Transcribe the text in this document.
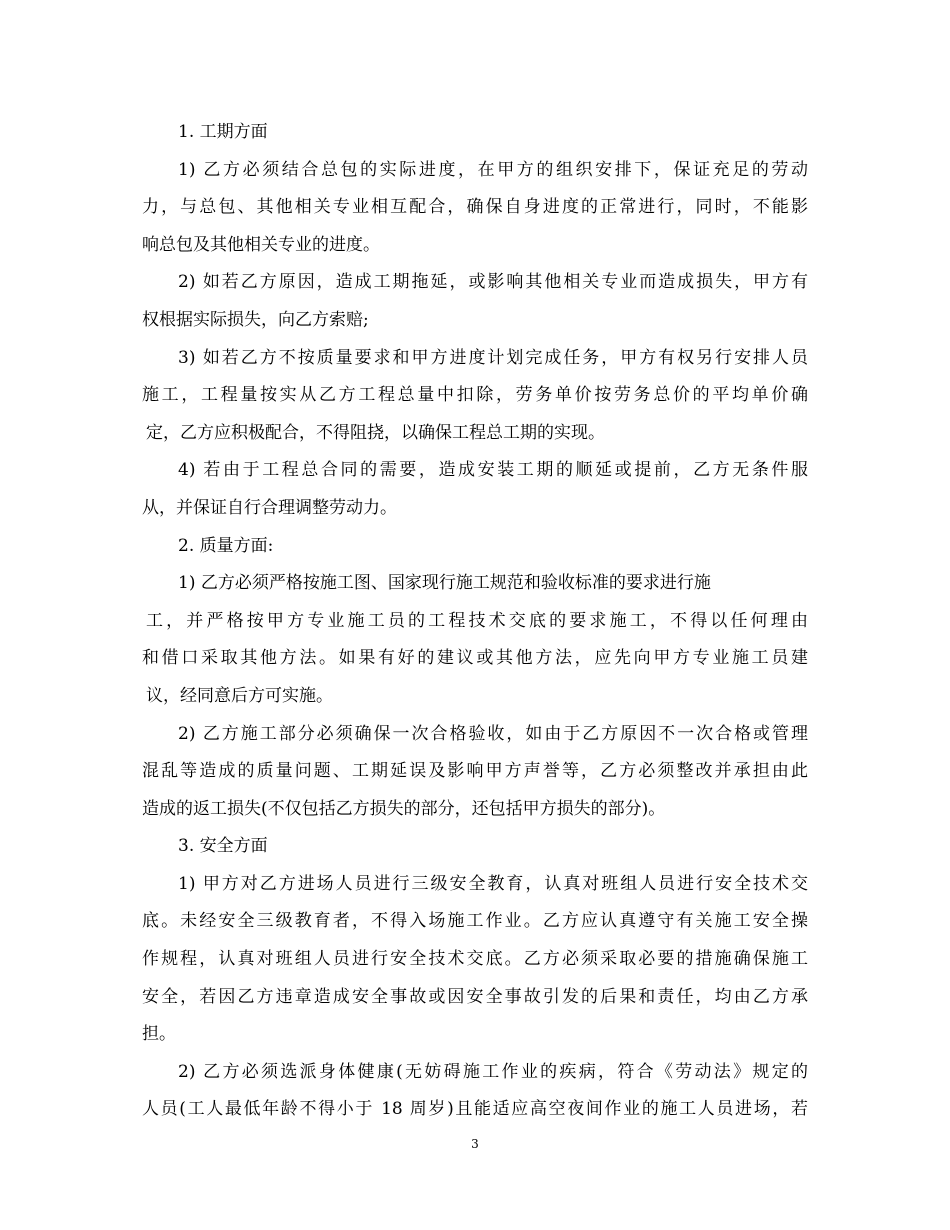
1. 工期方面
1) 乙方必须结合总包的实际进度，在甲方的组织安排下，保证充足的劳动
力，与总包、其他相关专业相互配合，确保自身进度的正常进行，同时，不能影
响总包及其他相关专业的进度。
2) 如若乙方原因，造成工期拖延，或影响其他相关专业而造成损失，甲方有
权根据实际损失，向乙方索赔;
3) 如若乙方不按质量要求和甲方进度计划完成任务，甲方有权另行安排人员
施工，工程量按实从乙方工程总量中扣除，劳务单价按劳务总价的平均单价确
定，乙方应积极配合，不得阻挠，以确保工程总工期的实现。
4) 若由于工程总合同的需要，造成安装工期的顺延或提前，乙方无条件服
从，并保证自行合理调整劳动力。
2. 质量方面:
1) 乙方必须严格按施工图、国家现行施工规范和验收标准的要求进行施
工，并严格按甲方专业施工员的工程技术交底的要求施工，不得以任何理由
和借口采取其他方法。如果有好的建议或其他方法，应先向甲方专业施工员建
议，经同意后方可实施。
2) 乙方施工部分必须确保一次合格验收，如由于乙方原因不一次合格或管理
混乱等造成的质量问题、工期延误及影响甲方声誉等，乙方必须整改并承担由此
造成的返工损失(不仅包括乙方损失的部分，还包括甲方损失的部分)。
3. 安全方面
1) 甲方对乙方进场人员进行三级安全教育，认真对班组人员进行安全技术交
底。未经安全三级教育者，不得入场施工作业。乙方应认真遵守有关施工安全操
作规程，认真对班组人员进行安全技术交底。乙方必须采取必要的措施确保施工
安全，若因乙方违章造成安全事故或因安全事故引发的后果和责任，均由乙方承
担。
2) 乙方必须选派身体健康(无妨碍施工作业的疾病，符合《劳动法》规定的
人员(工人最低年龄不得小于 18 周岁)且能适应高空夜间作业的施工人员进场，若
3
